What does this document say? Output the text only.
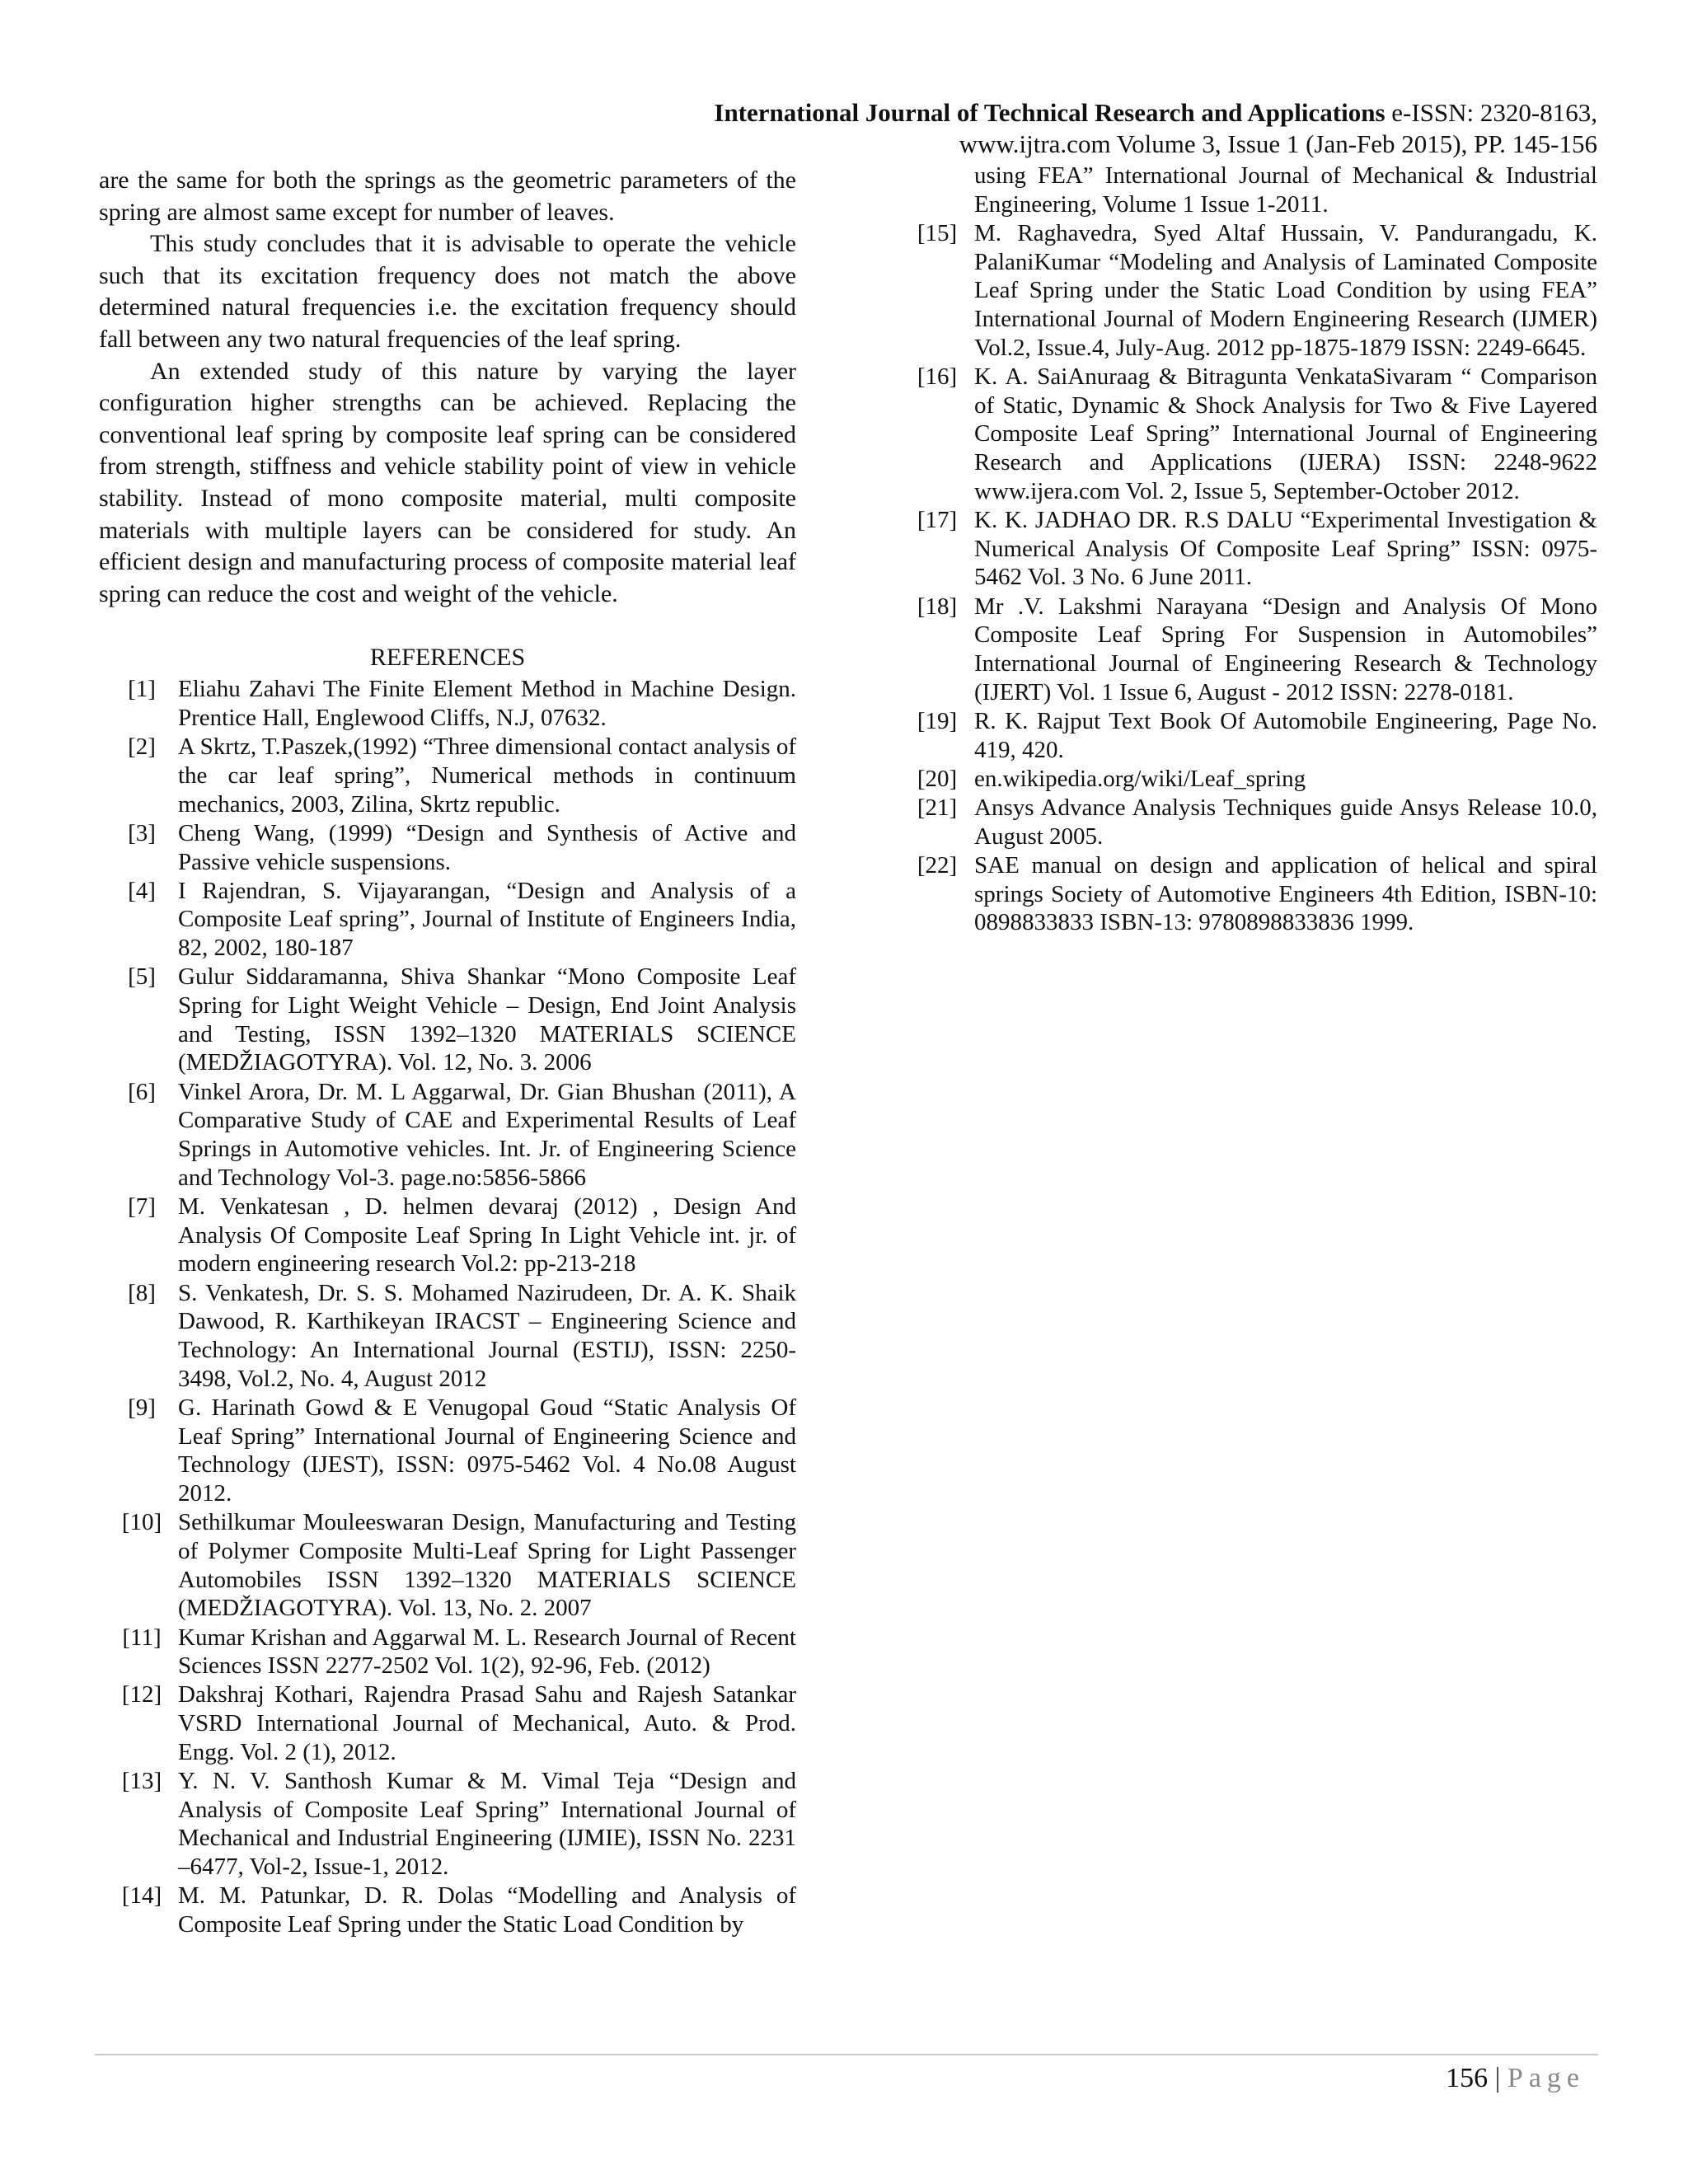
International Journal of Technical Research and Applications e-ISSN: 2320-8163,
www.ijtra.com Volume 3, Issue 1 (Jan-Feb 2015), PP. 145-156

are the same for both the springs as the geometric parameters of the spring are almost same except for number of leaves.

This study concludes that it is advisable to operate the vehicle such that its excitation frequency does not match the above determined natural frequencies i.e. the excitation frequency should fall between any two natural frequencies of the leaf spring.

An extended study of this nature by varying the layer configuration higher strengths can be achieved. Replacing the conventional leaf spring by composite leaf spring can be considered from strength, stiffness and vehicle stability point of view in vehicle stability. Instead of mono composite material, multi composite materials with multiple layers can be considered for study. An efficient design and manufacturing process of composite material leaf spring can reduce the cost and weight of the vehicle.

REFERENCES
[1] Eliahu Zahavi The Finite Element Method in Machine Design. Prentice Hall, Englewood Cliffs, N.J, 07632.
[2] A Skrtz, T.Paszek,(1992) “Three dimensional contact analysis of the car leaf spring”, Numerical methods in continuum mechanics, 2003, Zilina, Skrtz republic.
[3] Cheng Wang, (1999) “Design and Synthesis of Active and Passive vehicle suspensions.
[4] I Rajendran, S. Vijayarangan, “Design and Analysis of a Composite Leaf spring”, Journal of Institute of Engineers India, 82, 2002, 180-187
[5] Gulur Siddaramanna, Shiva Shankar “Mono Composite Leaf Spring for Light Weight Vehicle – Design, End Joint Analysis and Testing, ISSN 1392–1320 MATERIALS SCIENCE (MEDŽIAGOTYRA). Vol. 12, No. 3. 2006
[6] Vinkel Arora, Dr. M. L Aggarwal, Dr. Gian Bhushan (2011), A Comparative Study of CAE and Experimental Results of Leaf Springs in Automotive vehicles. Int. Jr. of Engineering Science and Technology Vol-3. page.no:5856-5866
[7] M. Venkatesan , D. helmen devaraj (2012) , Design And Analysis Of Composite Leaf Spring In Light Vehicle int. jr. of modern engineering research Vol.2: pp-213-218
[8] S. Venkatesh, Dr. S. S. Mohamed Nazirudeen, Dr. A. K. Shaik Dawood, R. Karthikeyan IRACST – Engineering Science and Technology: An International Journal (ESTIJ), ISSN: 2250-3498, Vol.2, No. 4, August 2012
[9] G. Harinath Gowd & E Venugopal Goud “Static Analysis Of Leaf Spring” International Journal of Engineering Science and Technology (IJEST), ISSN: 0975-5462 Vol. 4 No.08 August 2012.
[10] Sethilkumar Mouleeswaran Design, Manufacturing and Testing of Polymer Composite Multi-Leaf Spring for Light Passenger Automobiles ISSN 1392–1320 MATERIALS SCIENCE (MEDŽIAGOTYRA). Vol. 13, No. 2. 2007
[11] Kumar Krishan and Aggarwal M. L. Research Journal of Recent Sciences ISSN 2277-2502 Vol. 1(2), 92-96, Feb. (2012)
[12] Dakshraj Kothari, Rajendra Prasad Sahu and Rajesh Satankar VSRD International Journal of Mechanical, Auto. & Prod. Engg. Vol. 2 (1), 2012.
[13] Y. N. V. Santhosh Kumar & M. Vimal Teja “Design and Analysis of Composite Leaf Spring” International Journal of Mechanical and Industrial Engineering (IJMIE), ISSN No. 2231 –6477, Vol-2, Issue-1, 2012.
[14] M. M. Patunkar, D. R. Dolas “Modelling and Analysis of Composite Leaf Spring under the Static Load Condition by
using FEA” International Journal of Mechanical & Industrial Engineering, Volume 1 Issue 1-2011.
[15] M. Raghavedra, Syed Altaf Hussain, V. Pandurangadu, K. PalaniKumar “Modeling and Analysis of Laminated Composite Leaf Spring under the Static Load Condition by using FEA” International Journal of Modern Engineering Research (IJMER) Vol.2, Issue.4, July-Aug. 2012 pp-1875-1879 ISSN: 2249-6645.
[16] K. A. SaiAnuraag & Bitragunta VenkataSivaram “ Comparison of Static, Dynamic & Shock Analysis for Two & Five Layered Composite Leaf Spring” International Journal of Engineering Research and Applications (IJERA) ISSN: 2248-9622 www.ijera.com Vol. 2, Issue 5, September-October 2012.
[17] K. K. JADHAO DR. R.S DALU “Experimental Investigation & Numerical Analysis Of Composite Leaf Spring” ISSN: 0975-5462 Vol. 3 No. 6 June 2011.
[18] Mr .V. Lakshmi Narayana “Design and Analysis Of Mono Composite Leaf Spring For Suspension in Automobiles” International Journal of Engineering Research & Technology (IJERT) Vol. 1 Issue 6, August - 2012 ISSN: 2278-0181.
[19] R. K. Rajput Text Book Of Automobile Engineering, Page No. 419, 420.
[20] en.wikipedia.org/wiki/Leaf_spring
[21] Ansys Advance Analysis Techniques guide Ansys Release 10.0, August 2005.
[22] SAE manual on design and application of helical and spiral springs Society of Automotive Engineers 4th Edition, ISBN-10: 0898833833 ISBN-13: 9780898833836 1999.
156 | Page
